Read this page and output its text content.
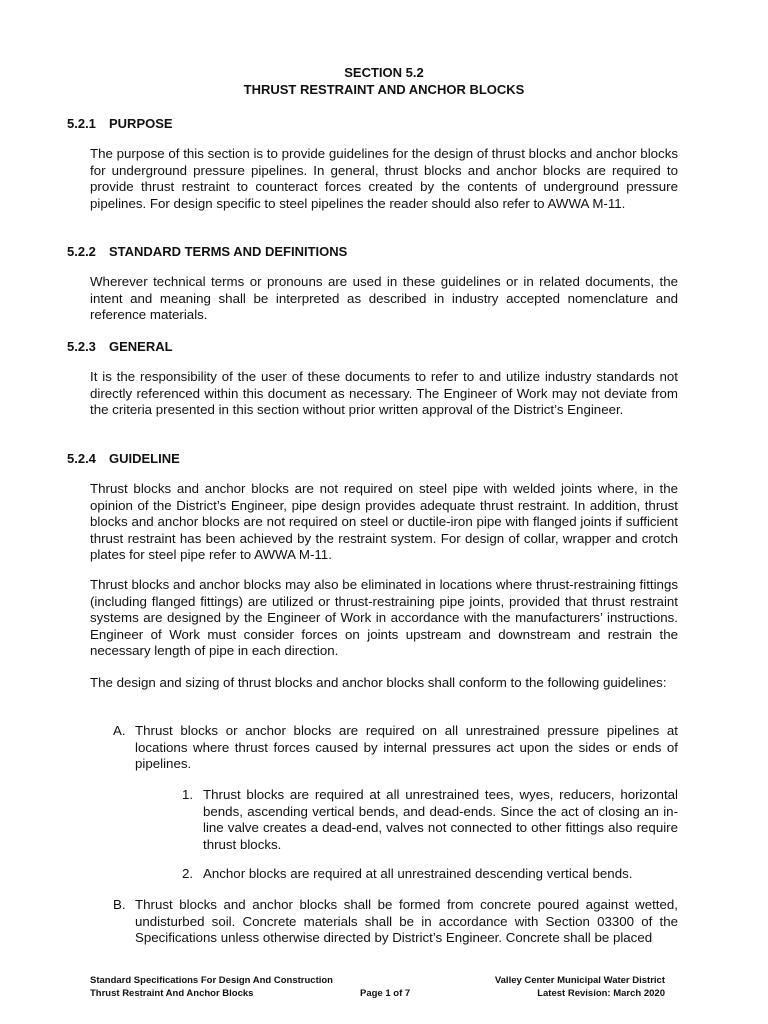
SECTION 5.2
THRUST RESTRAINT AND ANCHOR BLOCKS
5.2.1 PURPOSE

The purpose of this section is to provide guidelines for the design of thrust blocks and anchor blocks for underground pressure pipelines. In general, thrust blocks and anchor blocks are required to provide thrust restraint to counteract forces created by the contents of underground pressure pipelines. For design specific to steel pipelines the reader should also refer to AWWA M-11.

5.2.2 STANDARD TERMS AND DEFINITIONS

Wherever technical terms or pronouns are used in these guidelines or in related documents, the intent and meaning shall be interpreted as described in industry accepted nomenclature and reference materials.

5.2.3 GENERAL

It is the responsibility of the user of these documents to refer to and utilize industry standards not directly referenced within this document as necessary. The Engineer of Work may not deviate from the criteria presented in this section without prior written approval of the District’s Engineer.

5.2.4 GUIDELINE

Thrust blocks and anchor blocks are not required on steel pipe with welded joints where, in the opinion of the District’s Engineer, pipe design provides adequate thrust restraint. In addition, thrust blocks and anchor blocks are not required on steel or ductile-iron pipe with flanged joints if sufficient thrust restraint has been achieved by the restraint system. For design of collar, wrapper and crotch plates for steel pipe refer to AWWA M-11.

Thrust blocks and anchor blocks may also be eliminated in locations where thrust-restraining fittings (including flanged fittings) are utilized or thrust-restraining pipe joints, provided that thrust restraint systems are designed by the Engineer of Work in accordance with the manufacturers’ instructions. Engineer of Work must consider forces on joints upstream and downstream and restrain the necessary length of pipe in each direction.

The design and sizing of thrust blocks and anchor blocks shall conform to the following guidelines:

A. Thrust blocks or anchor blocks are required on all unrestrained pressure pipelines at locations where thrust forces caused by internal pressures act upon the sides or ends of pipelines.

1. Thrust blocks are required at all unrestrained tees, wyes, reducers, horizontal bends, ascending vertical bends, and dead-ends. Since the act of closing an in-line valve creates a dead-end, valves not connected to other fittings also require thrust blocks.

2. Anchor blocks are required at all unrestrained descending vertical bends.

B. Thrust blocks and anchor blocks shall be formed from concrete poured against wetted, undisturbed soil. Concrete materials shall be in accordance with Section 03300 of the Specifications unless otherwise directed by District’s Engineer. Concrete shall be placed

Standard Specifications For Design And Construction
Thrust Restraint And Anchor Blocks	Page 1 of 7
Valley Center Municipal Water District
Latest Revision: March 2020
